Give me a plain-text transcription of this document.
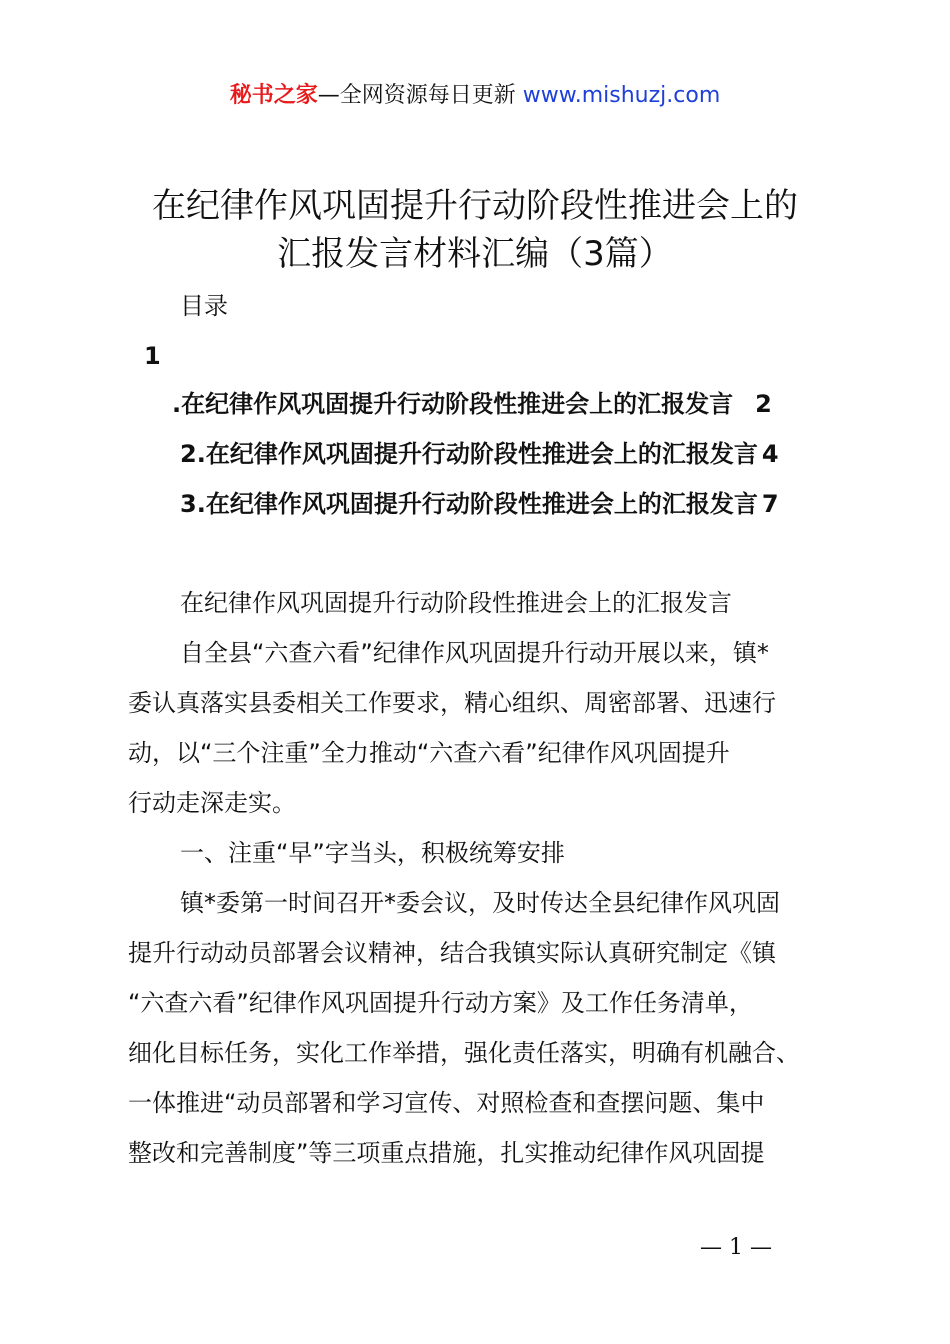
秘书之家—全网资源每日更新 www.mishuzj.com
在纪律作风巩固提升行动阶段性推进会上的
汇报发言材料汇编（3篇）
目录
1
.在纪律作风巩固提升行动阶段性推进会上的汇报发言 2
2.在纪律作风巩固提升行动阶段性推进会上的汇报发言 4
3.在纪律作风巩固提升行动阶段性推进会上的汇报发言 7
在纪律作风巩固提升行动阶段性推进会上的汇报发言
自全县“六查六看”纪律作风巩固提升行动开展以来，镇*
委认真落实县委相关工作要求，精心组织、周密部署、迅速行
动，以“三个注重”全力推动“六查六看”纪律作风巩固提升
行动走深走实。
一、注重“早”字当头，积极统筹安排
镇*委第一时间召开*委会议，及时传达全县纪律作风巩固
提升行动动员部署会议精神，结合我镇实际认真研究制定《镇
“六查六看”纪律作风巩固提升行动方案》及工作任务清单，
细化目标任务，实化工作举措，强化责任落实，明确有机融合、
一体推进“动员部署和学习宣传、对照检查和查摆问题、集中
整改和完善制度”等三项重点措施，扎实推动纪律作风巩固提
— 1 —
